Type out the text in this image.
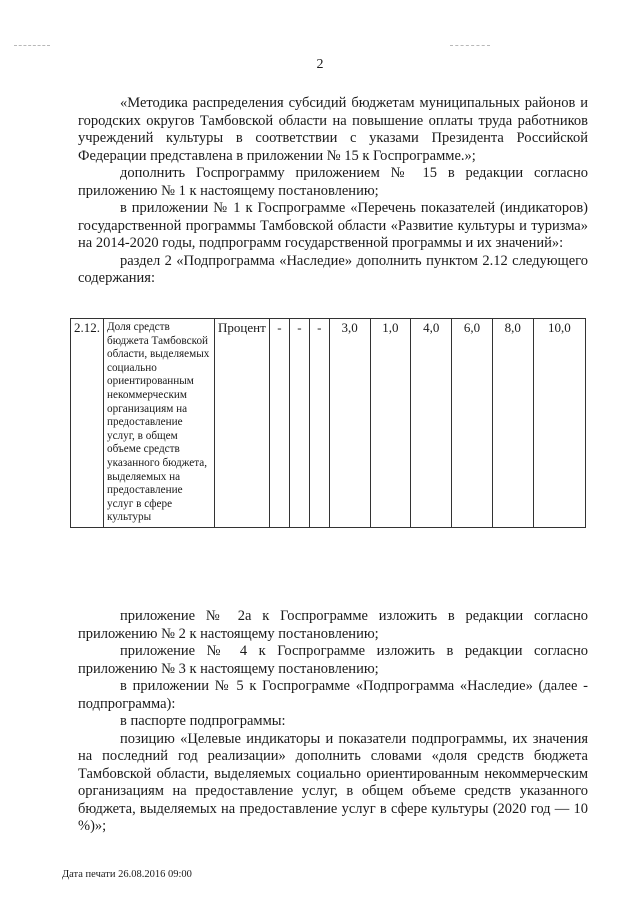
2

«Методика распределения субсидий бюджетам муниципальных районов и городских округов Тамбовской области на повышение оплаты труда работников учреждений культуры в соответствии с указами Президента Российской Федерации представлена в приложении № 15 к Госпрограмме.»;

дополнить Госпрограмму приложением № 15 в редакции согласно приложению № 1 к настоящему постановлению;

в приложении № 1 к Госпрограмме «Перечень показателей (индикаторов) государственной программы Тамбовской области «Развитие культуры и туризма» на 2014-2020 годы, подпрограмм государственной программы и их значений»:

раздел 2 «Подпрограмма «Наследие» дополнить пунктом 2.12 следующего содержания:

2.12.	Доля средств бюджета Тамбовской области, выделяемых социально ориентированным некоммерческим организациям на предоставление услуг, в общем объеме средств указанного бюджета, выделяемых на предоставление услуг в сфере культуры	Процент	-	-	-	3,0	1,0	4,0	6,0	8,0	10,0

приложение № 2а к Госпрограмме изложить в редакции согласно приложению № 2 к настоящему постановлению;

приложение № 4 к Госпрограмме изложить в редакции согласно приложению № 3 к настоящему постановлению;

в приложении № 5 к Госпрограмме «Подпрограмма «Наследие» (далее - подпрограмма):

в паспорте подпрограммы:

позицию «Целевые индикаторы и показатели подпрограммы, их значения на последний год реализации» дополнить словами «доля средств бюджета Тамбовской области, выделяемых социально ориентированным некоммерческим организациям на предоставление услуг, в общем объеме средств указанного бюджета, выделяемых на предоставление услуг в сфере культуры (2020 год — 10 %)»;

Дата печати 26.08.2016 09:00
